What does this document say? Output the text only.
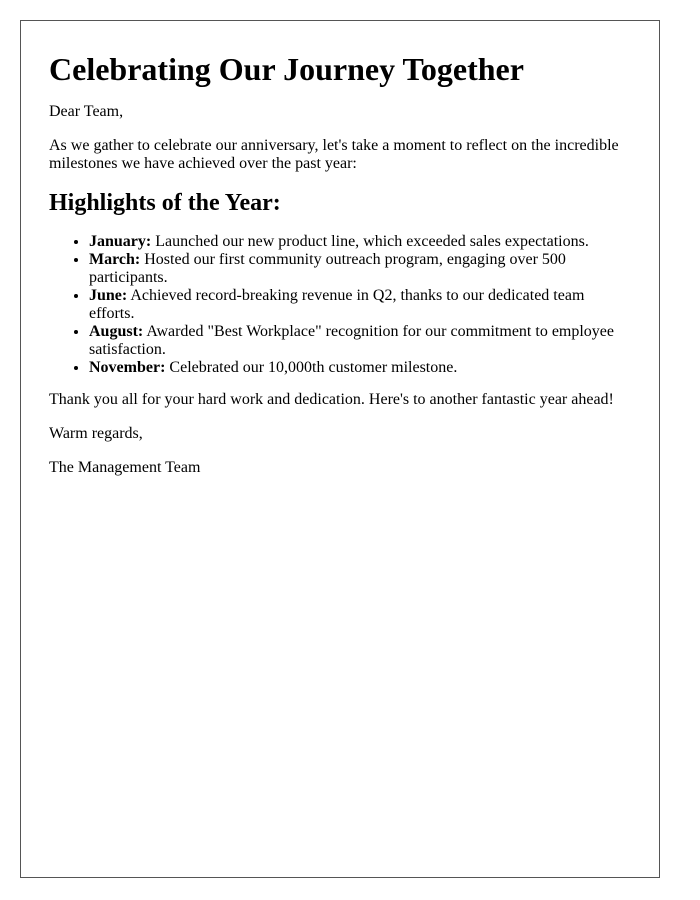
Celebrating Our Journey Together

Dear Team,

As we gather to celebrate our anniversary, let's take a moment to reflect on the incredible milestones we have achieved over the past year:

Highlights of the Year:
• January: Launched our new product line, which exceeded sales expectations.
• March: Hosted our first community outreach program, engaging over 500 participants.
• June: Achieved record-breaking revenue in Q2, thanks to our dedicated team efforts.
• August: Awarded "Best Workplace" recognition for our commitment to employee satisfaction.
• November: Celebrated our 10,000th customer milestone.

Thank you all for your hard work and dedication. Here's to another fantastic year ahead!

Warm regards,

The Management Team
